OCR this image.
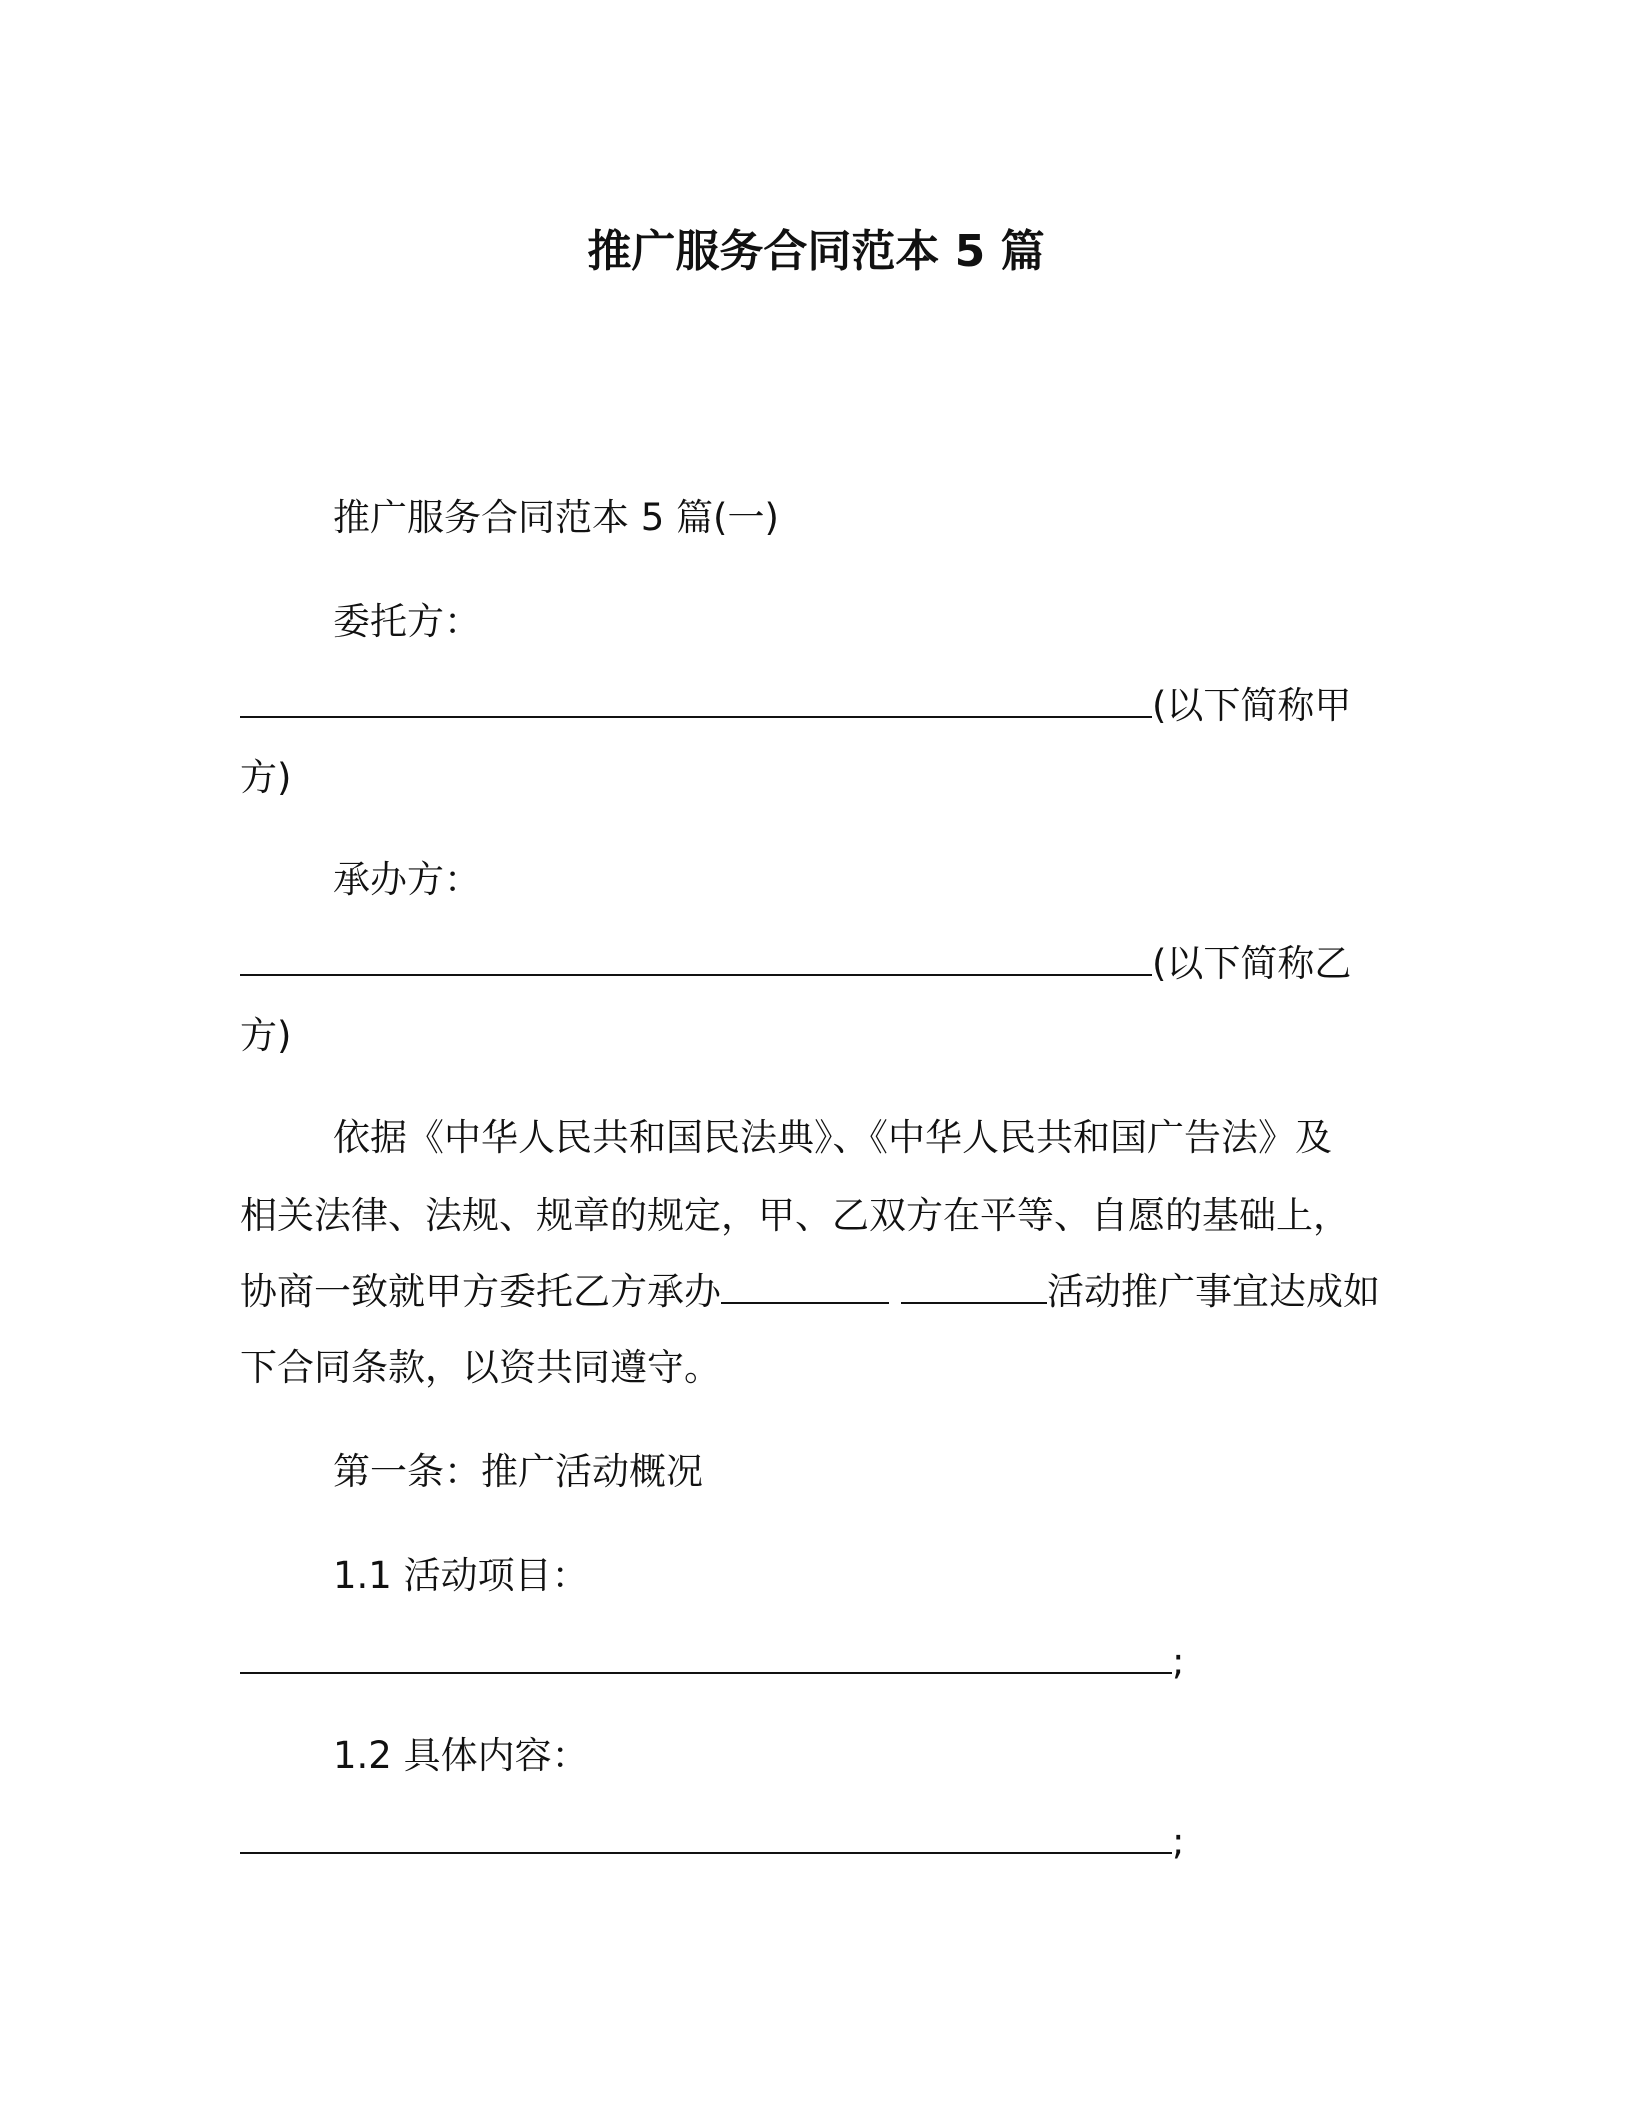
推广服务合同范本 5 篇
推广服务合同范本 5 篇(一)
委托方：
(以下简称甲
方)
承办方：
(以下简称乙
方)
依据《中华人民共和国民法典》、《中华人民共和国广告法》及
相关法律、法规、规章的规定，甲、乙双方在平等、自愿的基础上，
协商一致就甲方委托乙方承办	活动推广事宜达成如
下合同条款，以资共同遵守。
第一条：推广活动概况
1.1 活动项目：
;
1.2 具体内容：
;
